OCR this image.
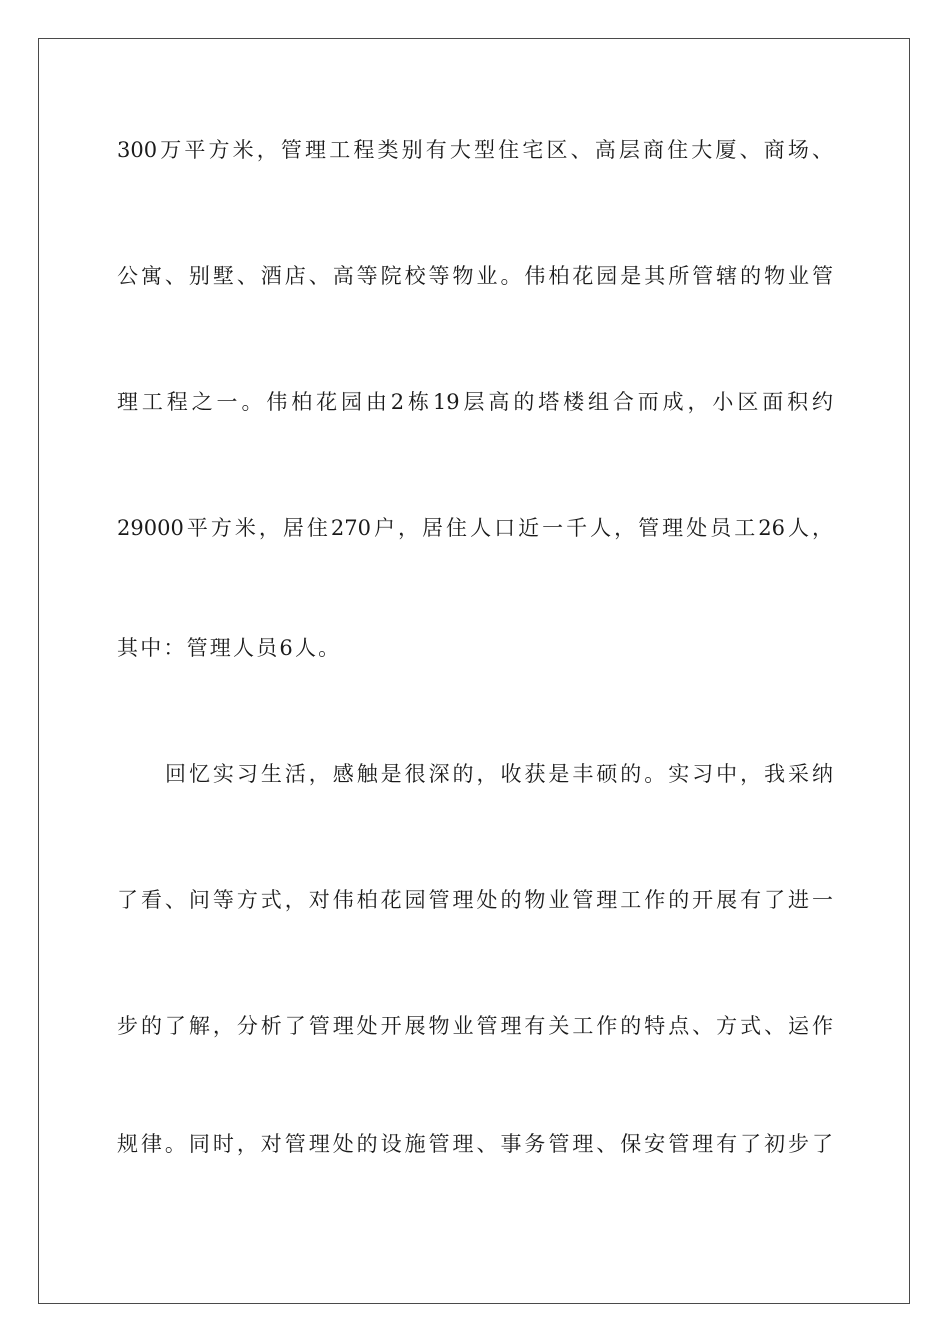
300万平方米，管理工程类别有大型住宅区、高层商住大厦、商场、
公寓、别墅、酒店、高等院校等物业。伟柏花园是其所管辖的物业管
理工程之一。伟柏花园由2栋19层高的塔楼组合而成，小区面积约
29000平方米，居住270户，居住人口近一千人，管理处员工26人，
其中：管理人员6人。
回忆实习生活，感触是很深的，收获是丰硕的。实习中，我采纳
了看、问等方式，对伟柏花园管理处的物业管理工作的开展有了进一
步的了解，分析了管理处开展物业管理有关工作的特点、方式、运作
规律。同时，对管理处的设施管理、事务管理、保安管理有了初步了
